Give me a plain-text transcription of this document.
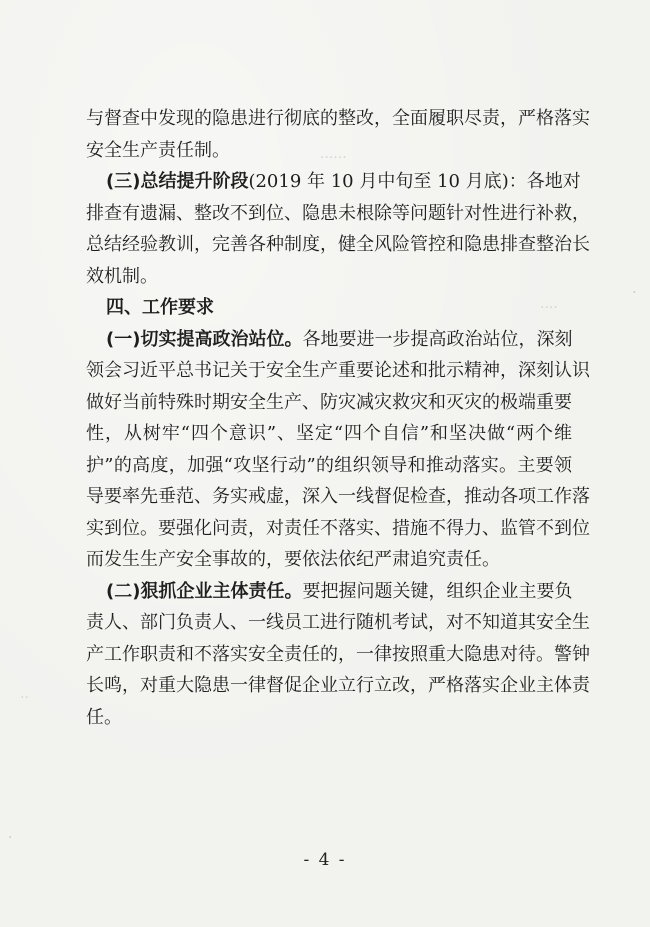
······
····
··
·
·
与督查中发现的隐患进行彻底的整改，全面履职尽责，严格落实
安全生产责任制。
(三)总结提升阶段(2019 年 10 月中旬至 10 月底)：各地对
排查有遗漏、整改不到位、隐患未根除等问题针对性进行补救，
总结经验教训，完善各种制度，健全风险管控和隐患排查整治长
效机制。
四、工作要求
(一)切实提高政治站位。各地要进一步提高政治站位，深刻
领会习近平总书记关于安全生产重要论述和批示精神，深刻认识
做好当前特殊时期安全生产、防灾减灾救灾和灭灾的极端重要
性，从树牢“四个意识”、坚定“四个自信”和坚决做“两个维
护”的高度，加强“攻坚行动”的组织领导和推动落实。主要领
导要率先垂范、务实戒虚，深入一线督促检查，推动各项工作落
实到位。要强化问责，对责任不落实、措施不得力、监管不到位
而发生生产安全事故的，要依法依纪严肃追究责任。
(二)狠抓企业主体责任。要把握问题关键，组织企业主要负
责人、部门负责人、一线员工进行随机考试，对不知道其安全生
产工作职责和不落实安全责任的，一律按照重大隐患对待。警钟
长鸣，对重大隐患一律督促企业立行立改，严格落实企业主体责
任。
- 4 -
